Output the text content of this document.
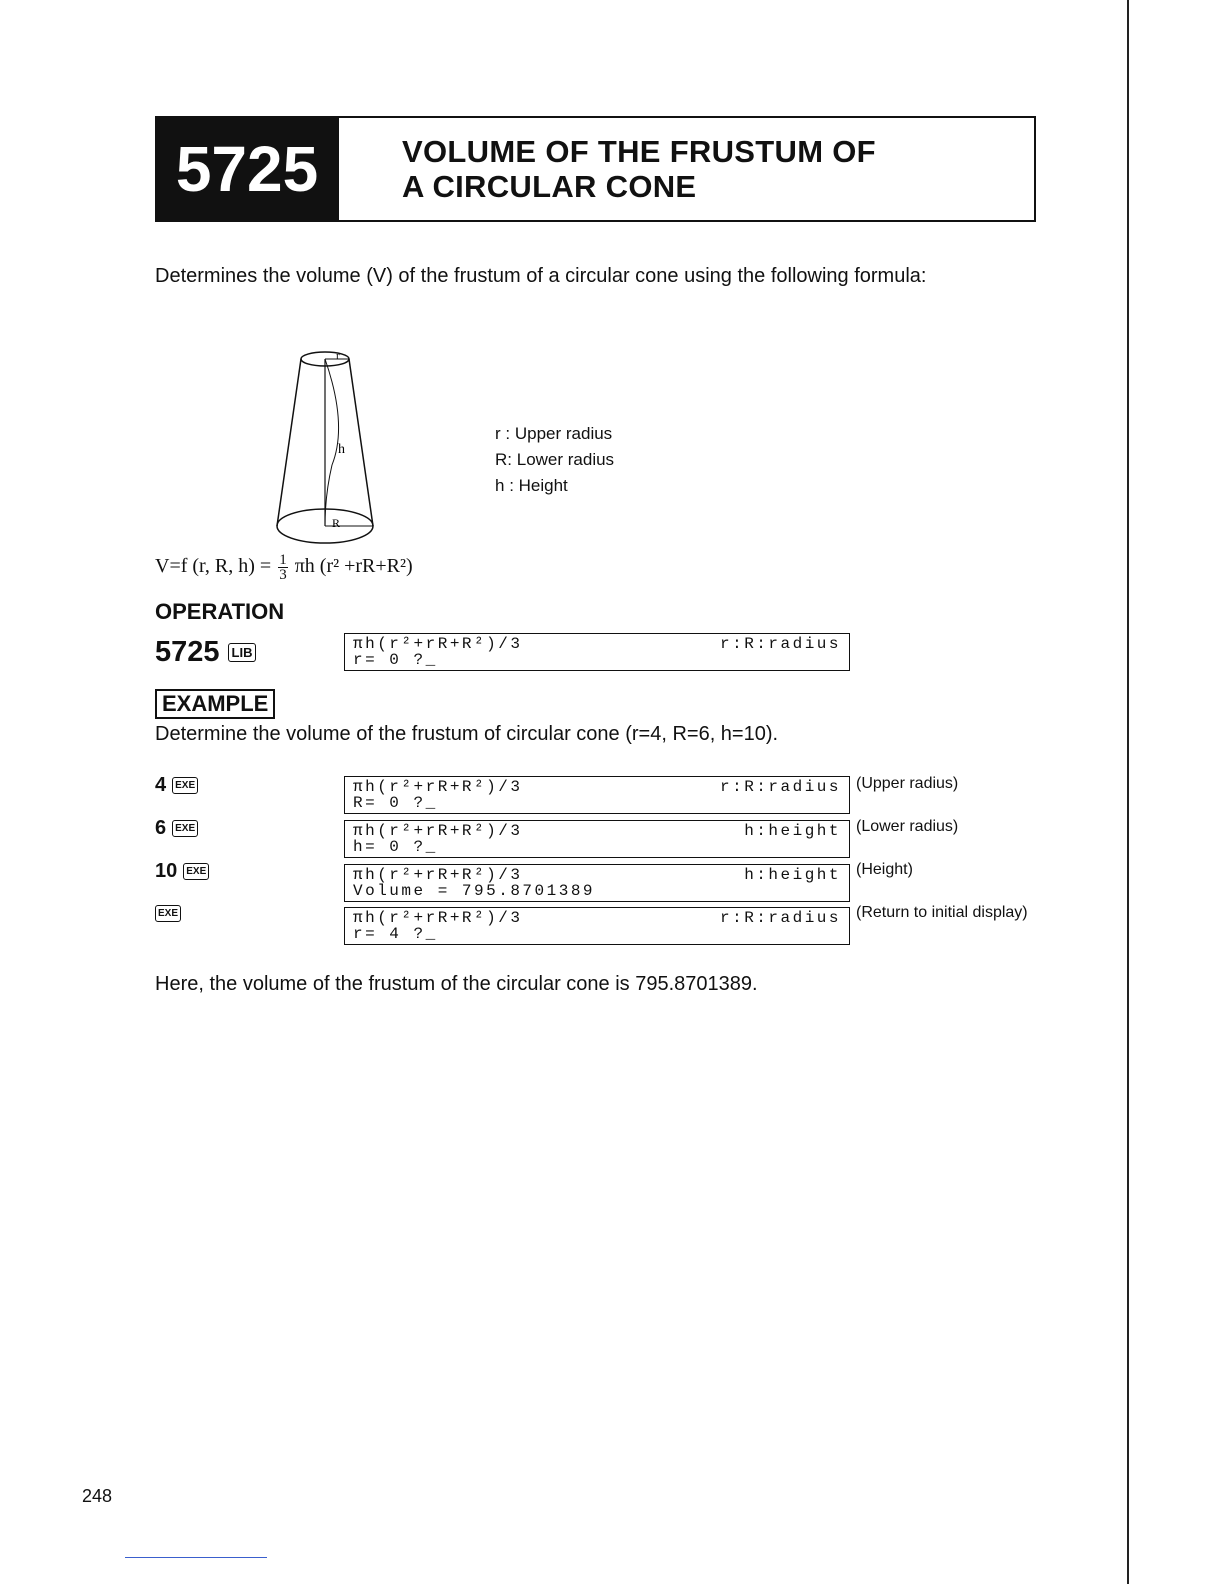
5725	VOLUME OF THE FRUSTUM OF
A CIRCULAR CONE
Determines the volume (V) of the frustum of a circular cone using the following formula:
r
h
R
r : Upper radius
R: Lower radius
h : Height
V=f (r, R, $h) = \frac{1}{3}$ πh (r² +rR+R²)
OPERATION
5725 LIB	πh(r²+rR+R²)/3	r:R:radius
r= 0 ?_
EXAMPLE
Determine the volume of the frustum of circular cone (r=4, R=6, h=10).
4 EXE	πh(r²+rR+R²)/3	r:R:radius
R= 0 ?_
(Upper radius)
6 EXE	πh(r²+rR+R²)/3	h:height
h= 0 ?_
(Lower radius)
10 EXE	πh(r²+rR+R²)/3	h:height
Volume = 795.8701389
(Height)
EXE	πh(r²+rR+R²)/3	r:R:radius
r= 4 ?_
(Return to initial display)
Here, the volume of the frustum of the circular cone is 795.8701389.
248
